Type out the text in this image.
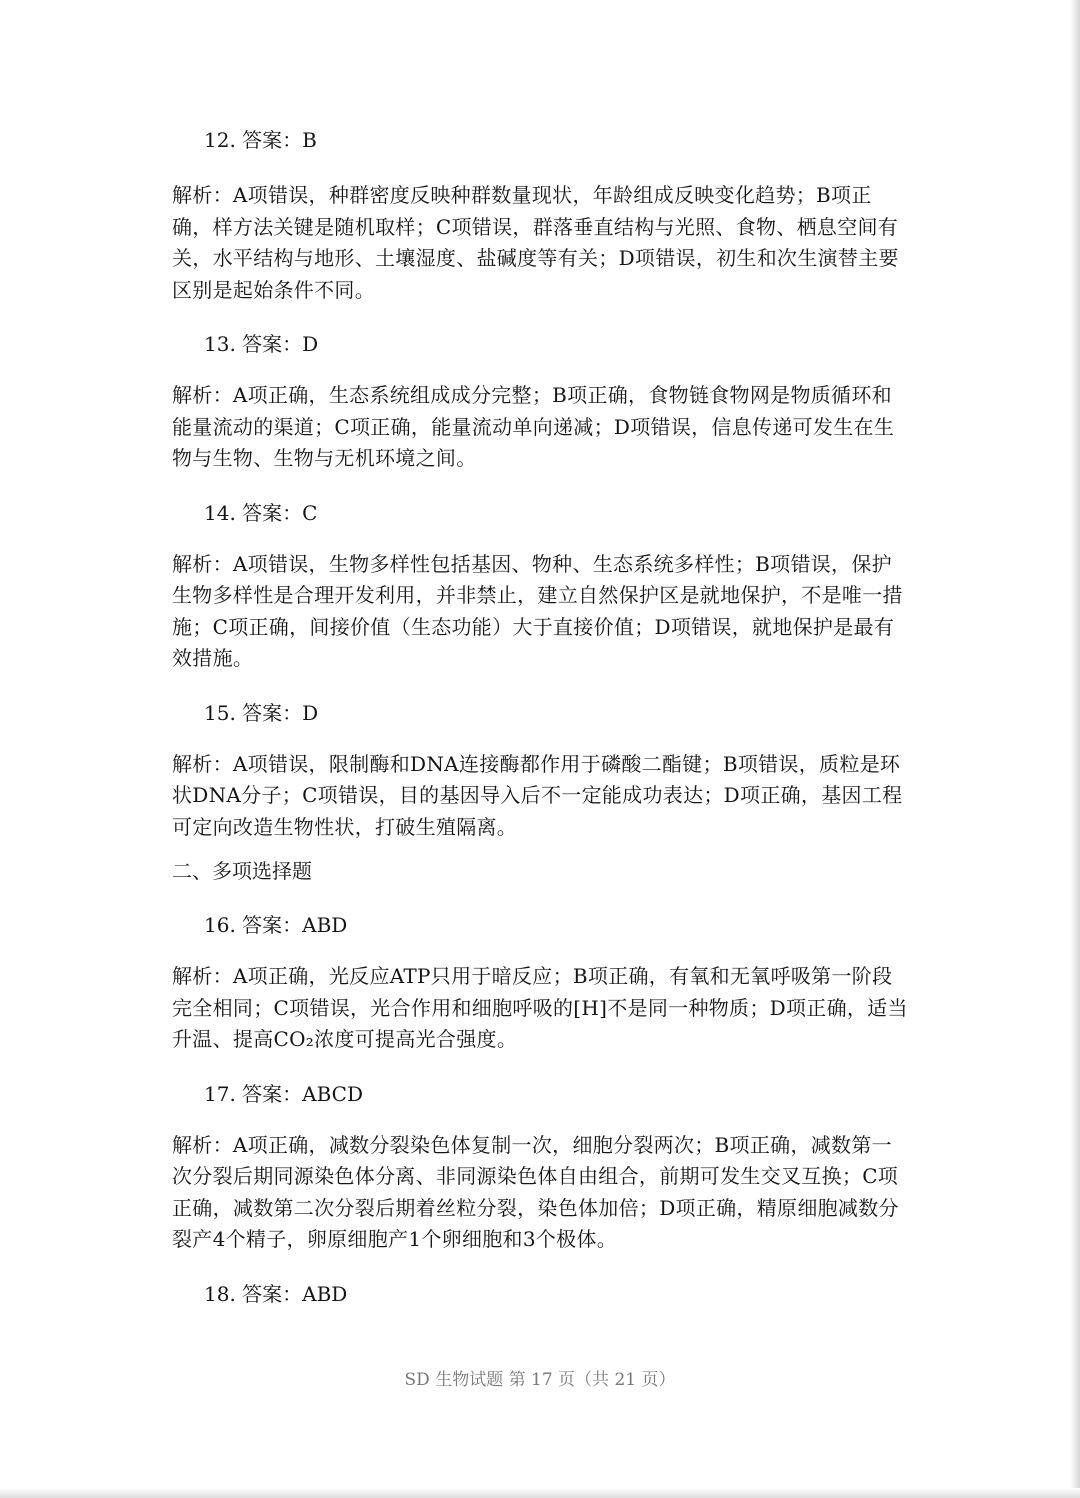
12. 答案：B

解析：A项错误，种群密度反映种群数量现状，年龄组成反映变化趋势；B项正确，样方法关键是随机取样；C项错误，群落垂直结构与光照、食物、栖息空间有关，水平结构与地形、土壤湿度、盐碱度等有关；D项错误，初生和次生演替主要区别是起始条件不同。

13. 答案：D

解析：A项正确，生态系统组成成分完整；B项正确，食物链食物网是物质循环和能量流动的渠道；C项正确，能量流动单向递减；D项错误，信息传递可发生在生物与生物、生物与无机环境之间。

14. 答案：C

解析：A项错误，生物多样性包括基因、物种、生态系统多样性；B项错误，保护生物多样性是合理开发利用，并非禁止，建立自然保护区是就地保护，不是唯一措施；C项正确，间接价值（生态功能）大于直接价值；D项错误，就地保护是最有效措施。

15. 答案：D

解析：A项错误，限制酶和DNA连接酶都作用于磷酸二酯键；B项错误，质粒是环状DNA分子；C项错误，目的基因导入后不一定能成功表达；D项正确，基因工程可定向改造生物性状，打破生殖隔离。

二、多项选择题

16. 答案：ABD

解析：A项正确，光反应ATP只用于暗反应；B项正确，有氧和无氧呼吸第一阶段完全相同；C项错误，光合作用和细胞呼吸的[H]不是同一种物质；D项正确，适当升温、提高CO₂浓度可提高光合强度。

17. 答案：ABCD

解析：A项正确，减数分裂染色体复制一次，细胞分裂两次；B项正确，减数第一次分裂后期同源染色体分离、非同源染色体自由组合，前期可发生交叉互换；C项正确，减数第二次分裂后期着丝粒分裂，染色体加倍；D项正确，精原细胞减数分裂产4个精子，卵原细胞产1个卵细胞和3个极体。

18. 答案：ABD

SD 生物试题 第 17 页（共 21 页）
